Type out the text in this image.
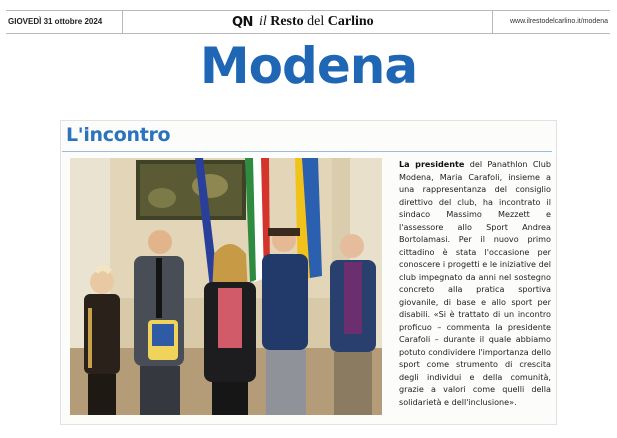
GIOVEDÌ 31 ottobre 2024	QN il Resto del Carlino	www.ilrestodelcarlino.it/modena
Modena
L'incontro
La presidente del Panathlon Club Modena, Maria Carafoli, insieme a una rappresentanza del consiglio direttivo del club, ha incontrato il sindaco Massimo Mezzett e l'assessore allo Sport Andrea Bortolamasi. Per il nuovo primo cittadino è stata l'occasione per conoscere i progetti e le iniziative del club impegnato da anni nel sostegno concreto alla pratica sportiva giovanile, di base e allo sport per disabili. «Si è trattato di un incontro proficuo – commenta la presidente Carafoli – durante il quale abbiamo potuto condividere l'importanza dello sport come strumento di crescita degli individui e della comunità, grazie a valori come quelli della solidarietà e dell'inclusione».
